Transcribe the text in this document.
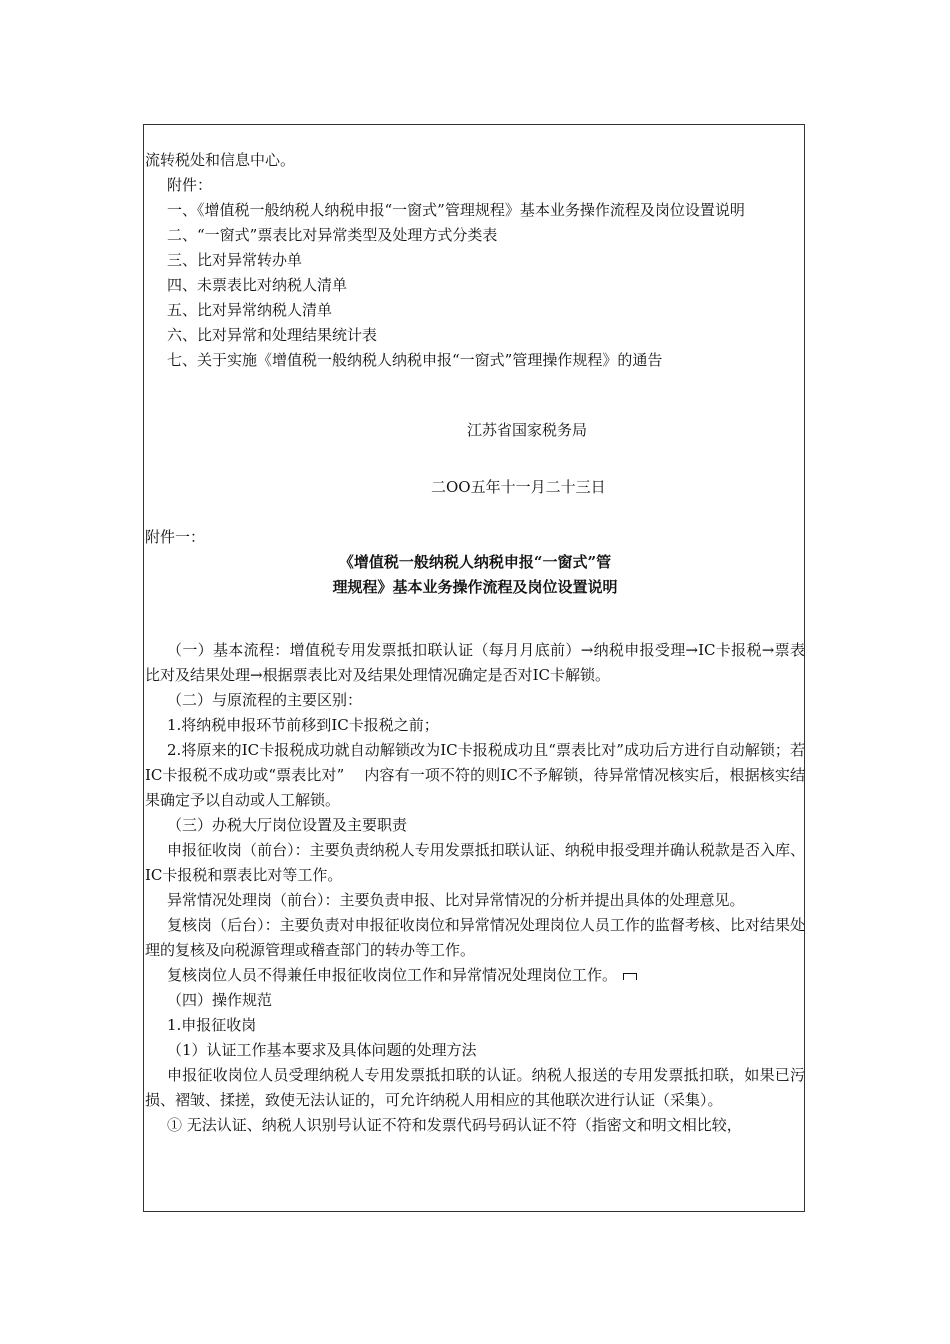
流转税处和信息中心。
附件：
一、《增值税一般纳税人纳税申报“一窗式”管理规程》基本业务操作流程及岗位设置说明
二、“一窗式”票表比对异常类型及处理方式分类表
三、比对异常转办单
四、未票表比对纳税人清单
五、比对异常纳税人清单
六、比对异常和处理结果统计表
七、关于实施《增值税一般纳税人纳税申报“一窗式”管理操作规程》的通告
江苏省国家税务局
二OO五年十一月二十三日
附件一：
《增值税一般纳税人纳税申报“一窗式”管
理规程》基本业务操作流程及岗位设置说明
（一）基本流程：增值税专用发票抵扣联认证（每月月底前）→纳税申报受理→IC卡报税→票表比对及结果处理→根据票表比对及结果处理情况确定是否对IC卡解锁。
（二）与原流程的主要区别：
1.将纳税申报环节前移到IC卡报税之前；
2.将原来的IC卡报税成功就自动解锁改为IC卡报税成功且“票表比对”成功后方进行自动解锁；若IC卡报税不成功或“票表比对”　 内容有一项不符的则IC不予解锁，待异常情况核实后，根据核实结果确定予以自动或人工解锁。
（三）办税大厅岗位设置及主要职责
申报征收岗（前台）：主要负责纳税人专用发票抵扣联认证、纳税申报受理并确认税款是否入库、IC卡报税和票表比对等工作。
异常情况处理岗（前台）：主要负责申报、比对异常情况的分析并提出具体的处理意见。
复核岗（后台）：主要负责对申报征收岗位和异常情况处理岗位人员工作的监督考核、比对结果处理的复核及向税源管理或稽查部门的转办等工作。
复核岗位人员不得兼任申报征收岗位工作和异常情况处理岗位工作。
（四）操作规范
1.申报征收岗
（1）认证工作基本要求及具体问题的处理方法
申报征收岗位人员受理纳税人专用发票抵扣联的认证。纳税人报送的专用发票抵扣联，如果已污损、褶皱、揉搓，致使无法认证的，可允许纳税人用相应的其他联次进行认证（采集）。
① 无法认证、纳税人识别号认证不符和发票代码号码认证不符（指密文和明文相比较，
